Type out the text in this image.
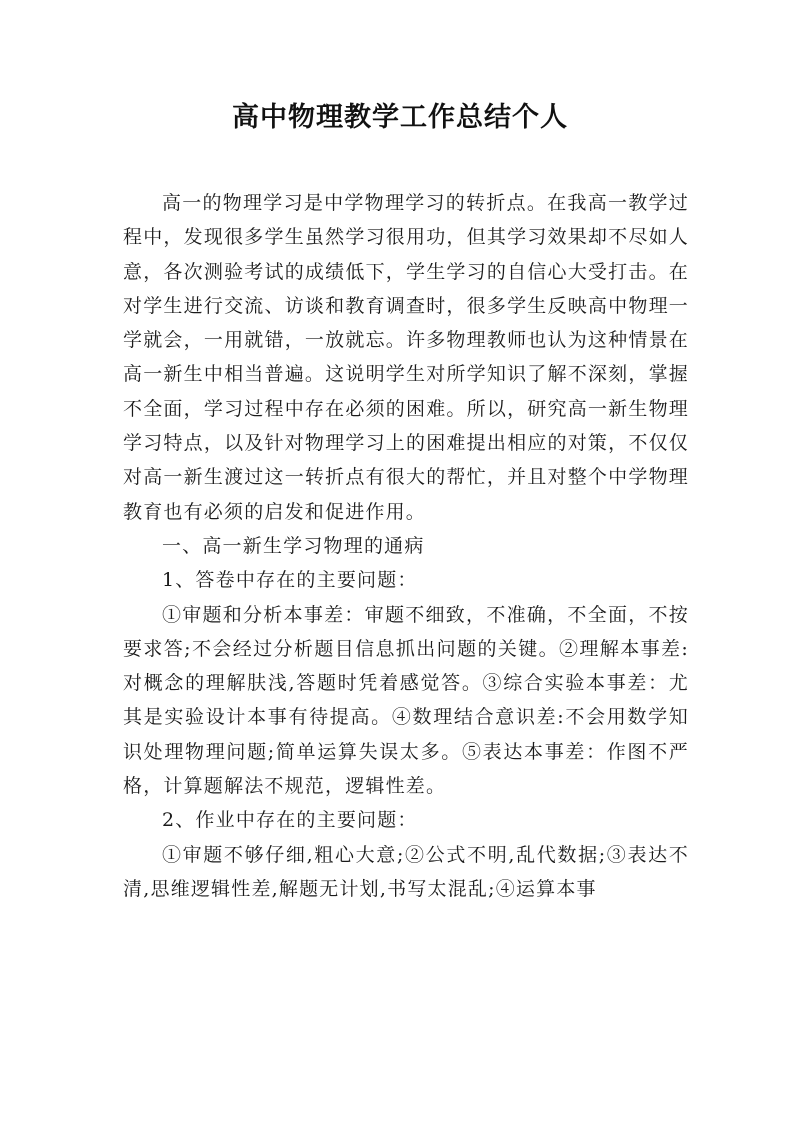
高中物理教学工作总结个人

高一的物理学习是中学物理学习的转折点。在我高一教学过程中，发现很多学生虽然学习很用功，但其学习效果却不尽如人意，各次测验考试的成绩低下，学生学习的自信心大受打击。在对学生进行交流、访谈和教育调查时，很多学生反映高中物理一学就会，一用就错，一放就忘。许多物理教师也认为这种情景在高一新生中相当普遍。这说明学生对所学知识了解不深刻，掌握不全面，学习过程中存在必须的困难。所以，研究高一新生物理学习特点，以及针对物理学习上的困难提出相应的对策，不仅仅对高一新生渡过这一转折点有很大的帮忙，并且对整个中学物理教育也有必须的启发和促进作用。

一、高一新生学习物理的通病

1、答卷中存在的主要问题：

①审题和分析本事差：审题不细致，不准确，不全面，不按要求答;不会经过分析题目信息抓出问题的关键。②理解本事差:对概念的理解肤浅,答题时凭着感觉答。③综合实验本事差：尤其是实验设计本事有待提高。④数理结合意识差:不会用数学知识处理物理问题;简单运算失误太多。⑤表达本事差：作图不严格，计算题解法不规范，逻辑性差。

2、作业中存在的主要问题：

①审题不够仔细,粗心大意;②公式不明,乱代数据;③表达不清,思维逻辑性差,解题无计划,书写太混乱;④运算本事
